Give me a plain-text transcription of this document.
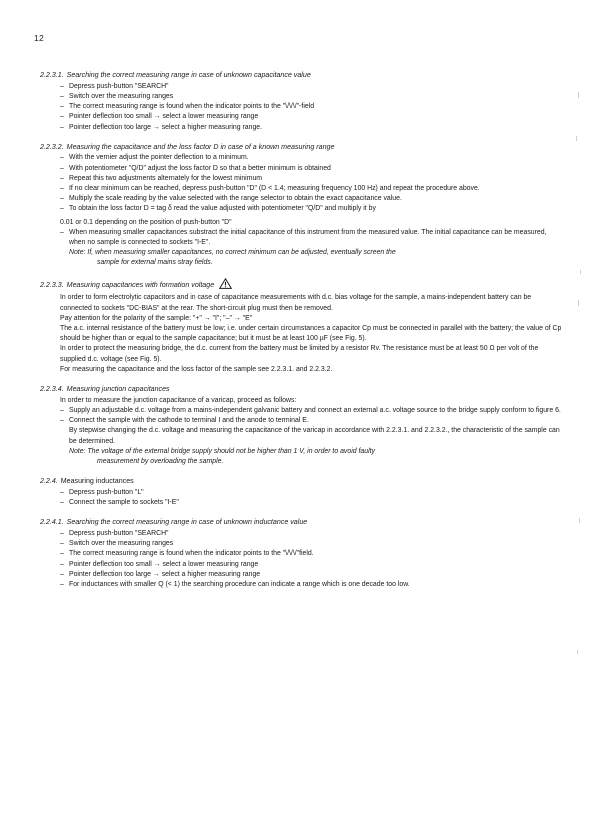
12
2.2.3.1. Searching the correct measuring range in case of unknown capacitance value
– Depress push-button "SEARCH"
– Switch over the measuring ranges
– The correct measuring range is found when the indicator points to the "\/\/\/"-field
– Pointer deflection too small → select a lower measuring range
– Pointer deflection too large → select a higher measuring range.
2.2.3.2. Measuring the capacitance and the loss factor D in case of a known measuring range
– With the vernier adjust the pointer deflection to a minimum.
– With potentiometer "Q/D" adjust the loss factor D so that a better minimum is obtained
– Repeat this two adjustments alternately for the lowest minimum
– If no clear minimum can be reached, depress push-button "D" (D < 1.4; measuring frequency 100 Hz) and repeat the procedure above.
– Multiply the scale reading by the value selected with the range selector to obtain the exact capacitance value.
– To obtain the loss factor D = tag δ read the value adjusted with potentiometer "Q/D" and multiply it by

0.01 or 0.1 depending on the position of push-button "D"

– When measuring smaller capacitances substract the initial capacitance of this instrument from the measured value. The initial capacitance can be measured, when no sample is connected to sockets "I-E".

Note: If, when measuring smaller capacitances, no correct minimum can be adjusted, eventually screen the
sample for external mains stray fields.

2.2.3.3. Measuring capacitances with formation voltage

In order to form electrolytic capacitors and in case of capacitance measurements with d.c. bias voltage for the sample, a mains-independent battery can be connected to sockets "DC-BIAS" at the rear. The short-circuit plug must then be removed.

Pay attention for the polarity of the sample: "+" → "I"; "–" → "E"

The a.c. internal resistance of the battery must be low; i.e. under certain circumstances a capacitor Cp must be connected in parallel with the battery; the value of Cp should be higher than or equal to the sample capacitance; but it must be at least 100 µF (see Fig. 5).

In order to protect the measuring bridge, the d.c. current from the battery must be limited by a resistor Rv. The resistance must be at least 50 Ω per volt of the supplied d.c. voltage (see Fig. 5).

For measuring the capacitance and the loss factor of the sample see 2.2.3.1. and 2.2.3.2.

2.2.3.4. Measuring junction capacitances

In order to measure the junction capacitance of a varicap, proceed as follows:

– Supply an adjustable d.c. voltage from a mains-independent galvanic battery and connect an external a.c. voltage source to the bridge supply conform to figure 6.
– Connect the sample with the cathode to terminal I and the anode to terminal E.

By stepwise changing the d.c. voltage and measuring the capacitance of the varicap in accordance with 2.2.3.1. and 2.2.3.2., the characteristic of the sample can be determined.

Note: The voltage of the external bridge supply should not be higher than 1 V, in order to avoid faulty
measurement by overloading the sample.

2.2.4. Measuring inductances
– Depress push-button "L"
– Connect the sample to sockets "I-E"
2.2.4.1. Searching the correct measuring range in case of unknown inductance value
– Depress push-button "SEARCH"
– Switch over the measuring ranges
– The correct measuring range is found when the indicator points to the "\/\/\/"field.
– Pointer deflection too small → select a lower measuring range
– Pointer deflection too large → select a higher measuring range
– For inductances with smaller Q (< 1) the searching procedure can indicate a range which is one decade too low.
